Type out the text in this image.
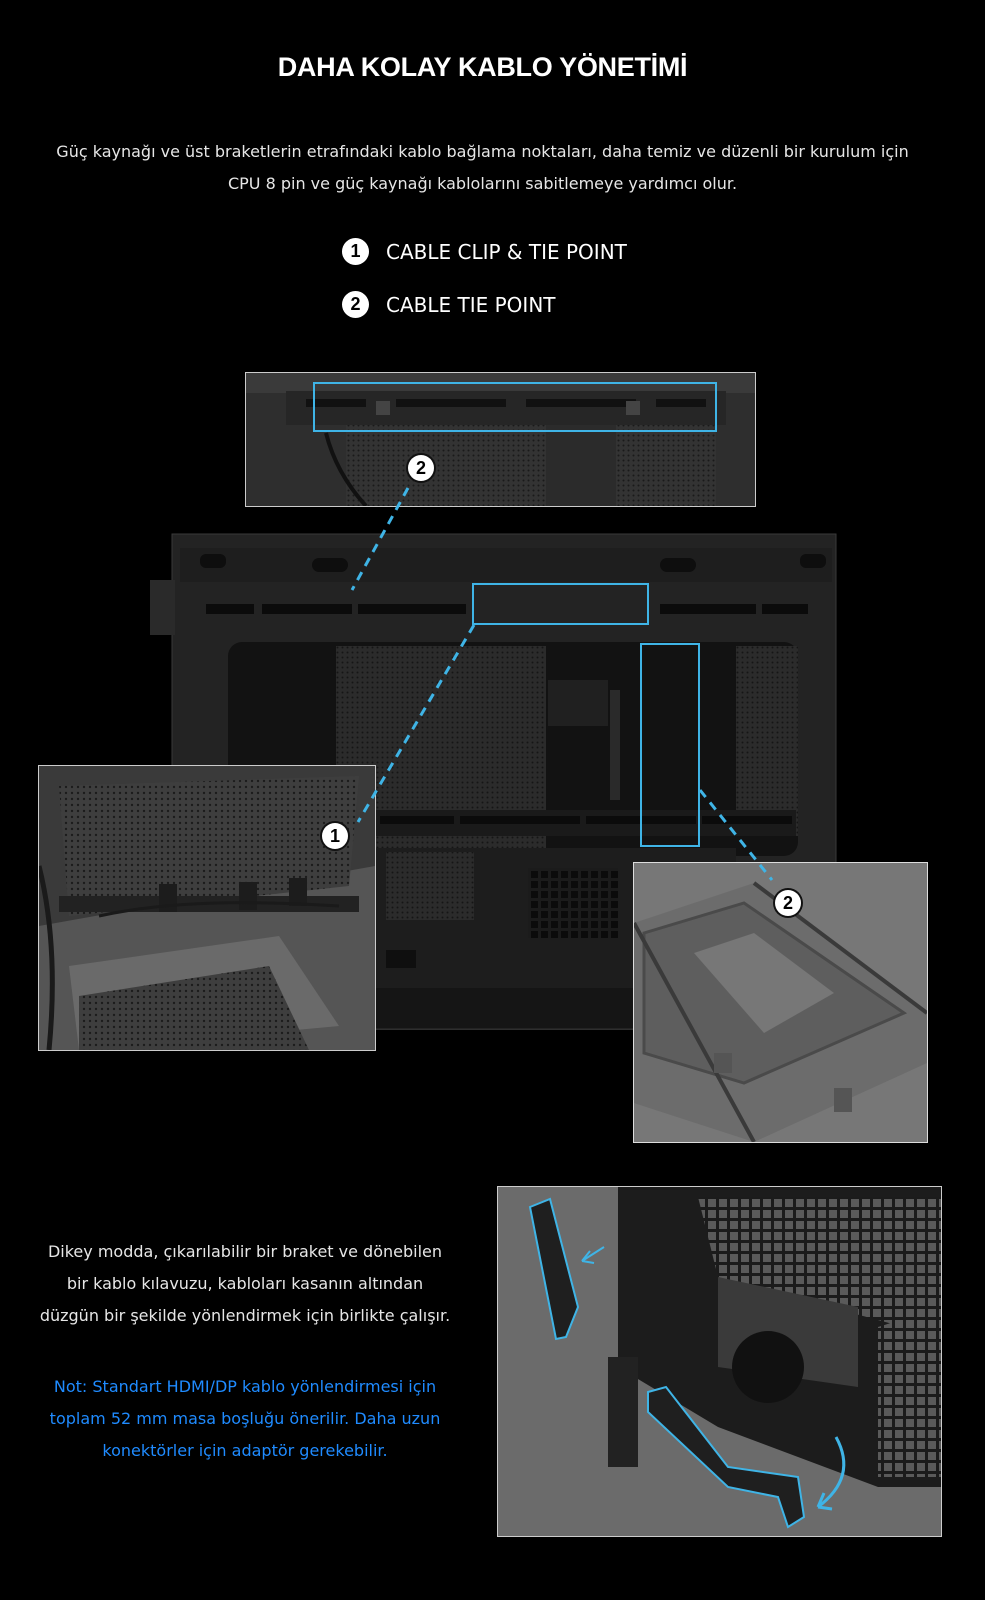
DAHA KOLAY KABLO YÖNETİMİ
Güç kaynağı ve üst braketlerin etrafındaki kablo bağlama noktaları, daha temiz ve düzenli bir kurulum için
CPU 8 pin ve güç kaynağı kablolarını sabitlemeye yardımcı olur.
1	CABLE CLIP & TIE POINT
2	CABLE TIE POINT
2
1
2
Dikey modda, çıkarılabilir bir braket ve dönebilen
bir kablo kılavuzu, kabloları kasanın altından
düzgün bir şekilde yönlendirmek için birlikte çalışır.
Not: Standart HDMI/DP kablo yönlendirmesi için
toplam 52 mm masa boşluğu önerilir. Daha uzun
konektörler için adaptör gerekebilir.
